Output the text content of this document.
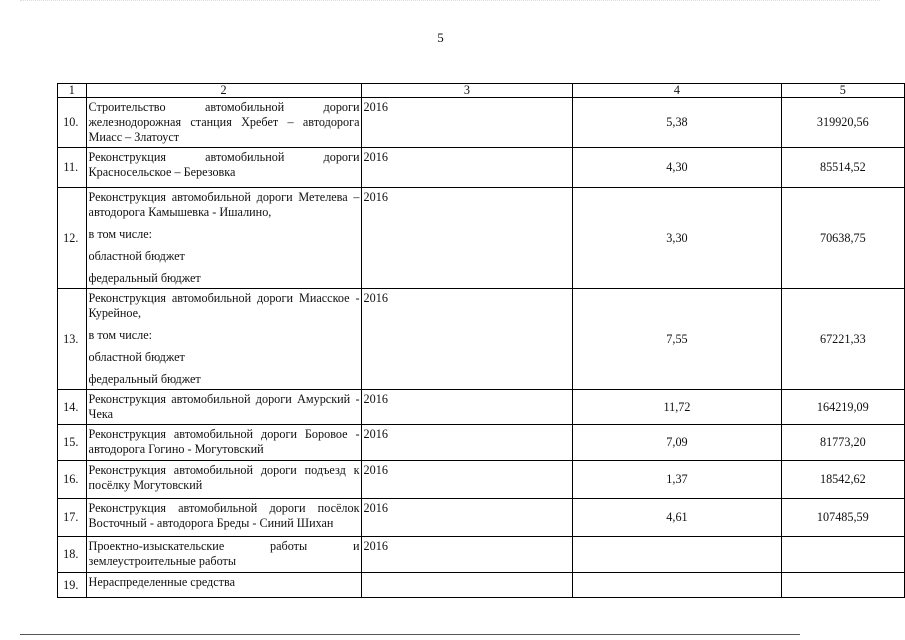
5
1	2	3	4	5
10.	Строительство автомобильной дороги железнодорожная станция Хребет – автодорога Миасс – Златоуст	2016	5,38	319920,56
11.	Реконструкция автомобильной дороги Красносельское – Березовка	2016	4,30	85514,52
12.	Реконструкция автомобильной дороги Метелева – автодорога Камышевка - Ишалино,
в том числе:
областной бюджет
федеральный бюджет	2016	3,30	70638,75
13.	Реконструкция автомобильной дороги Миасское - Курейное,
в том числе:
областной бюджет
федеральный бюджет	2016	7,55	67221,33
14.	Реконструкция автомобильной дороги Амурский - Чека	2016	11,72	164219,09
15.	Реконструкция автомобильной дороги Боровое - автодорога Гогино - Могутовский	2016	7,09	81773,20
16.	Реконструкция автомобильной дороги подъезд к посёлку Могутовский	2016	1,37	18542,62
17.	Реконструкция автомобильной дороги посёлок Восточный - автодорога Бреды - Синий Шихан	2016	4,61	107485,59
18.	Проектно-изыскательские работы и землеустроительные работы	2016		
19.	Нераспределенные средства			
